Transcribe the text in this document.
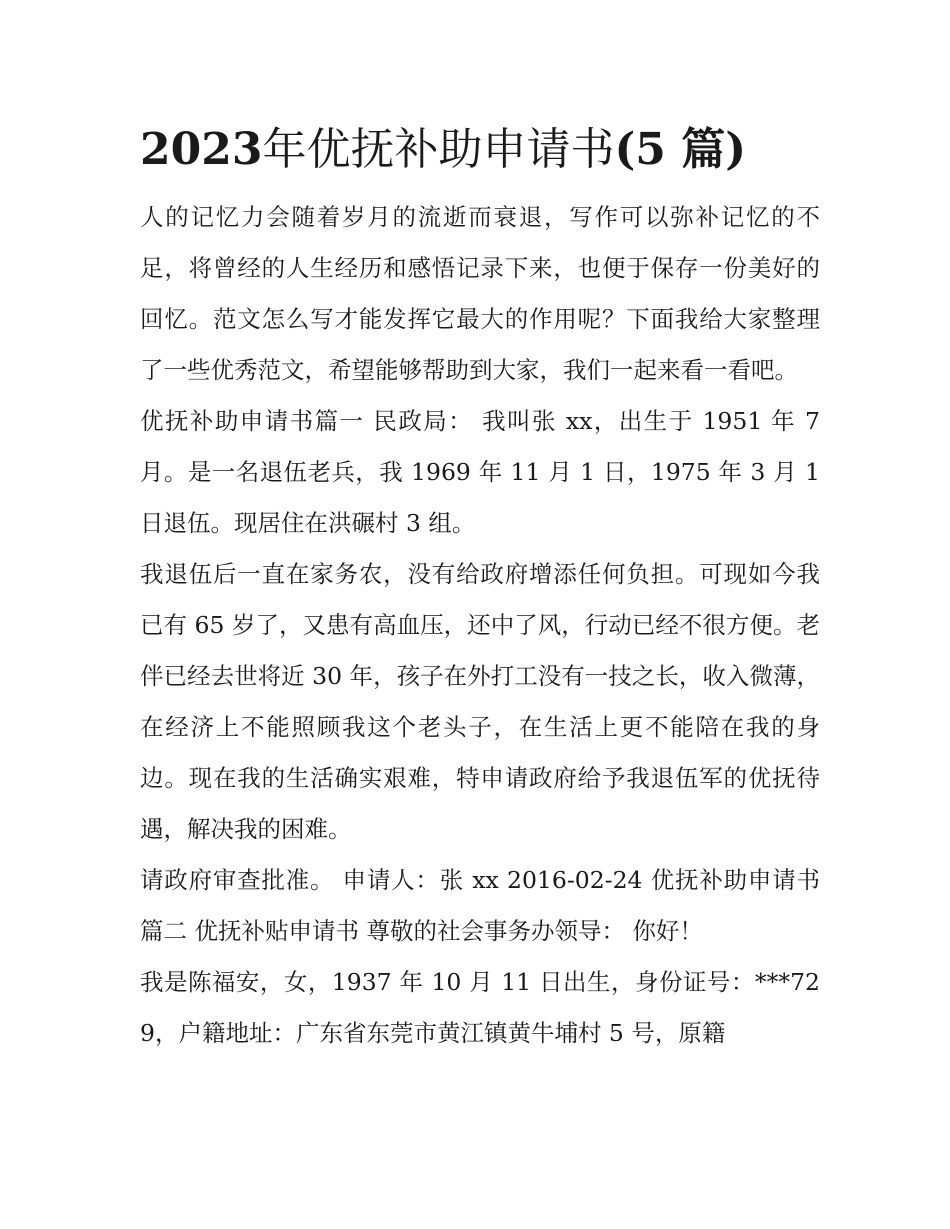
2023年优抚补助申请书(5 篇)

人的记忆力会随着岁月的流逝而衰退，写作可以弥补记忆的不足，将曾经的人生经历和感悟记录下来，也便于保存一份美好的回忆。范文怎么写才能发挥它最大的作用呢？下面我给大家整理了一些优秀范文，希望能够帮助到大家，我们一起来看一看吧。

优抚补助申请书篇一 民政局： 我叫张 xx，出生于 1951 年 7 月。是一名退伍老兵，我 1969 年 11 月 1 日，1975 年 3 月 1 日退伍。现居住在洪碾村 3 组。

我退伍后一直在家务农，没有给政府增添任何负担。可现如今我已有 65 岁了，又患有高血压，还中了风，行动已经不很方便。老伴已经去世将近 30 年，孩子在外打工没有一技之长，收入微薄，在经济上不能照顾我这个老头子，在生活上更不能陪在我的身边。现在我的生活确实艰难，特申请政府给予我退伍军的优抚待遇，解决我的困难。

请政府审查批准。 申请人：张 xx 2016-02-24 优抚补助申请书篇二 优抚补贴申请书 尊敬的社会事务办领导： 你好！

我是陈福安，女，1937 年 10 月 11 日出生，身份证号：***729，户籍地址：广东省东莞市黄江镇黄牛埔村 5 号，原籍
